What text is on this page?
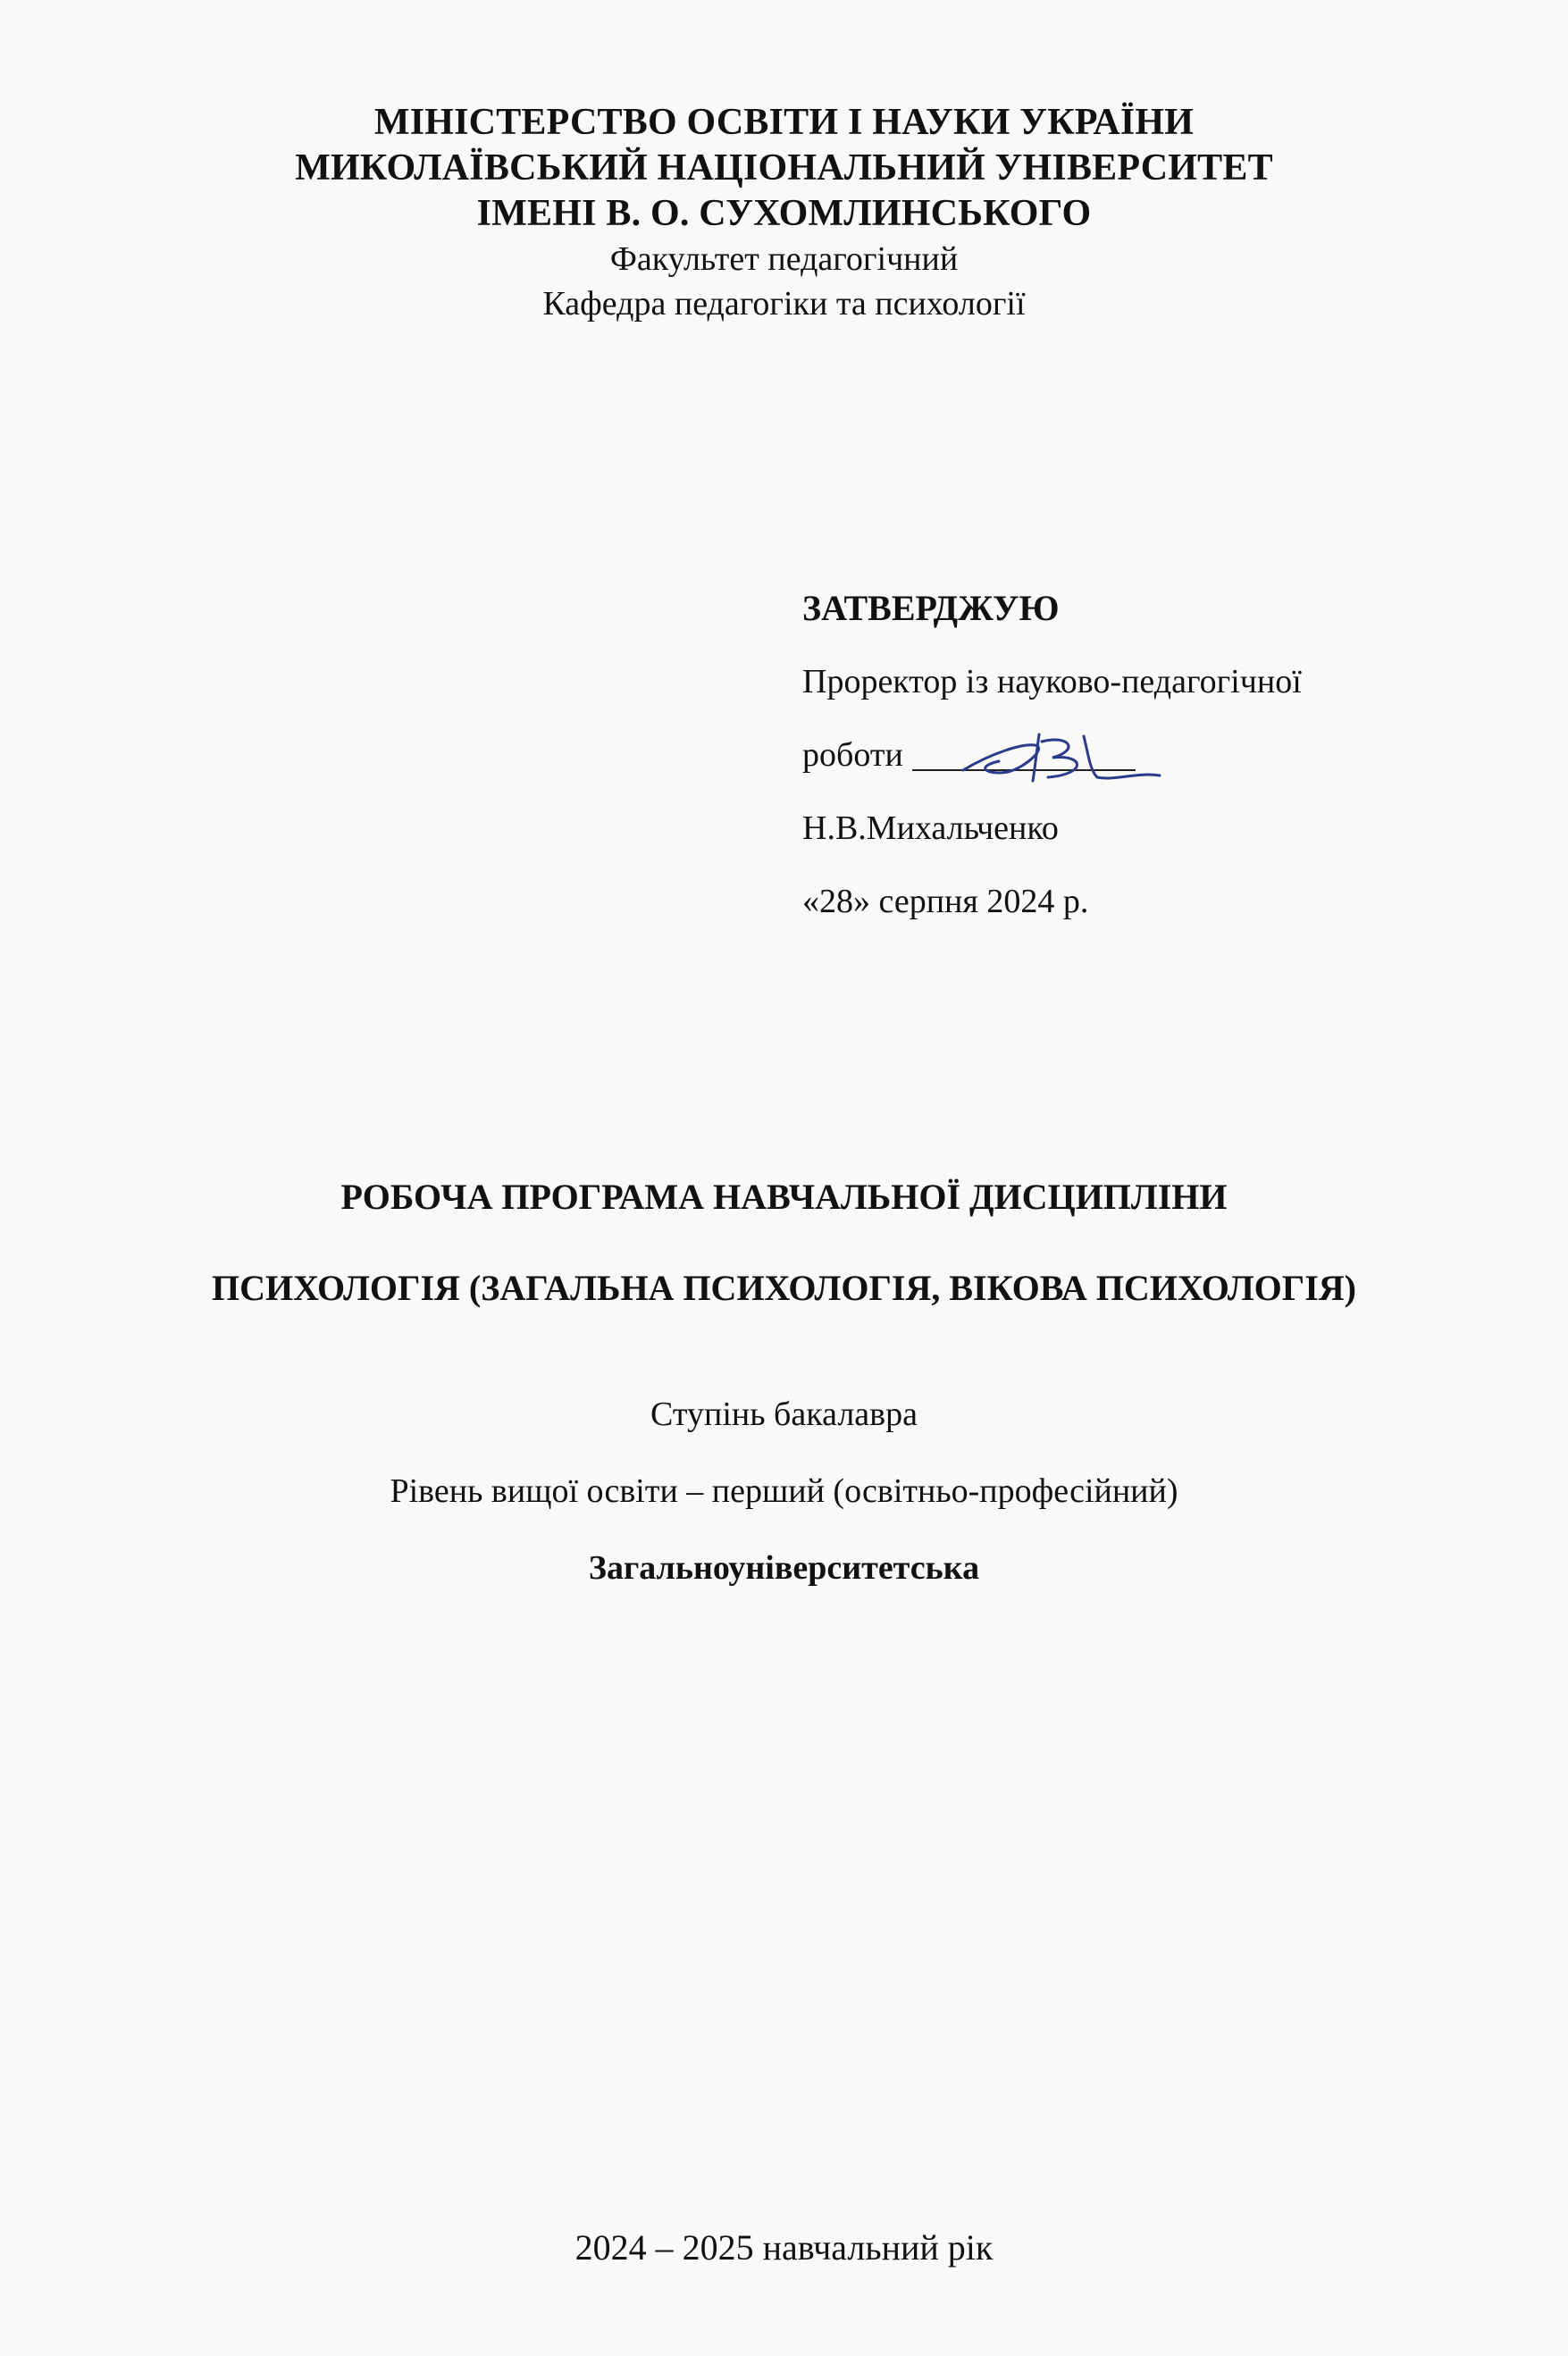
МІНІСТЕРСТВО ОСВІТИ І НАУКИ УКРАЇНИ
МИКОЛАЇВСЬКИЙ НАЦІОНАЛЬНИЙ УНІВЕРСИТЕТ
ІМЕНІ В. О. СУХОМЛИНСЬКОГО
Факультет педагогічний
Кафедра педагогіки та психології
ЗАТВЕРДЖУЮ
Проректор із науково-педагогічної
роботи
Н.В.Михальченко
«28» серпня 2024 р.
РОБОЧА ПРОГРАМА НАВЧАЛЬНОЇ ДИСЦИПЛІНИ
ПСИХОЛОГІЯ (ЗАГАЛЬНА ПСИХОЛОГІЯ, ВІКОВА ПСИХОЛОГІЯ)
Ступінь бакалавра
Рівень вищої освіти – перший (освітньо-професійний)
Загальноуніверситетська
2024 – 2025 навчальний рік
